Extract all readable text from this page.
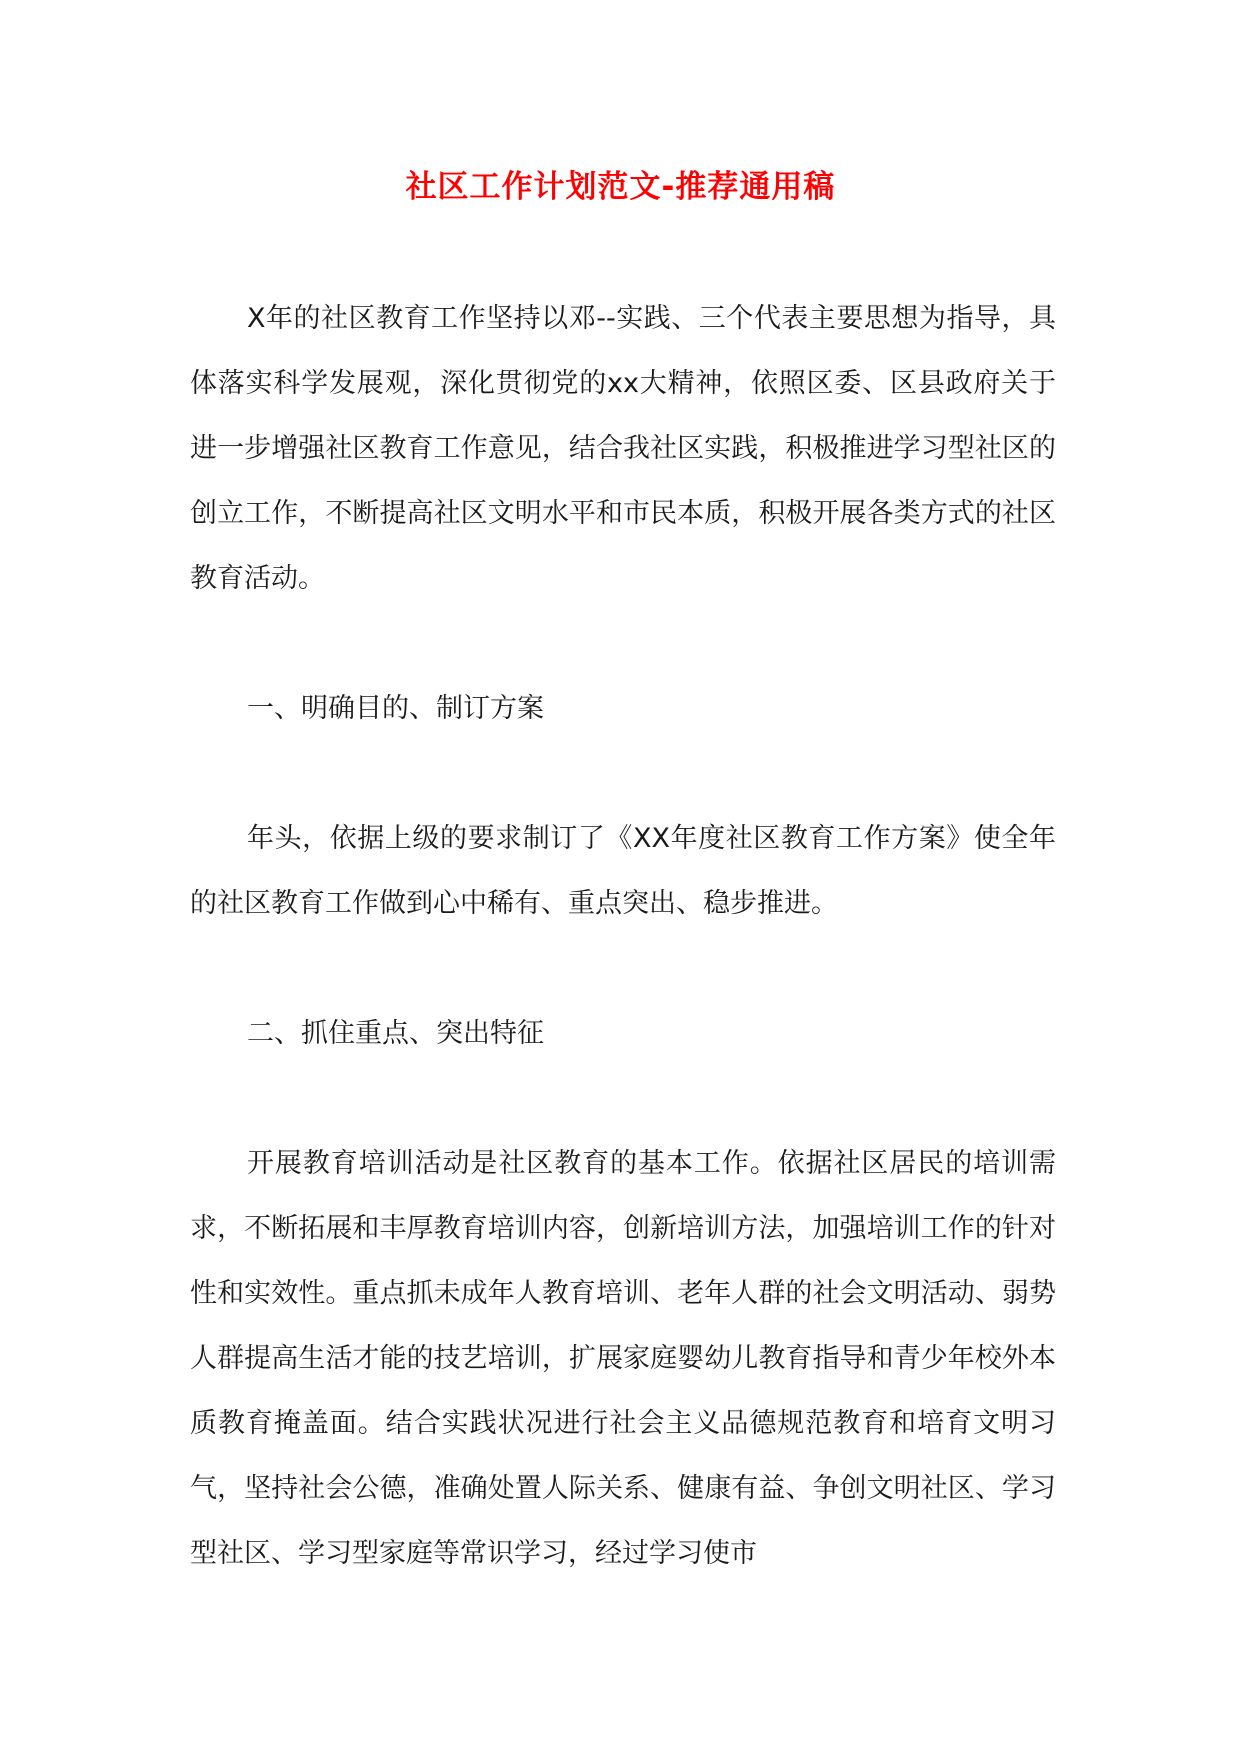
社区工作计划范文-推荐通用稿

X年的社区教育工作坚持以邓--实践、三个代表主要思想为指导，具体落实科学发展观，深化贯彻党的xx大精神，依照区委、区县政府关于进一步增强社区教育工作意见，结合我社区实践，积极推进学习型社区的创立工作，不断提高社区文明水平和市民本质，积极开展各类方式的社区教育活动。

一、明确目的、制订方案

年头，依据上级的要求制订了《XX年度社区教育工作方案》使全年的社区教育工作做到心中稀有、重点突出、稳步推进。

二、抓住重点、突出特征

开展教育培训活动是社区教育的基本工作。依据社区居民的培训需求，不断拓展和丰厚教育培训内容，创新培训方法，加强培训工作的针对性和实效性。重点抓未成年人教育培训、老年人群的社会文明活动、弱势人群提高生活才能的技艺培训，扩展家庭婴幼儿教育指导和青少年校外本质教育掩盖面。结合实践状况进行社会主义品德规范教育和培育文明习气，坚持社会公德，准确处置人际关系、健康有益、争创文明社区、学习型社区、学习型家庭等常识学习，经过学习使市
